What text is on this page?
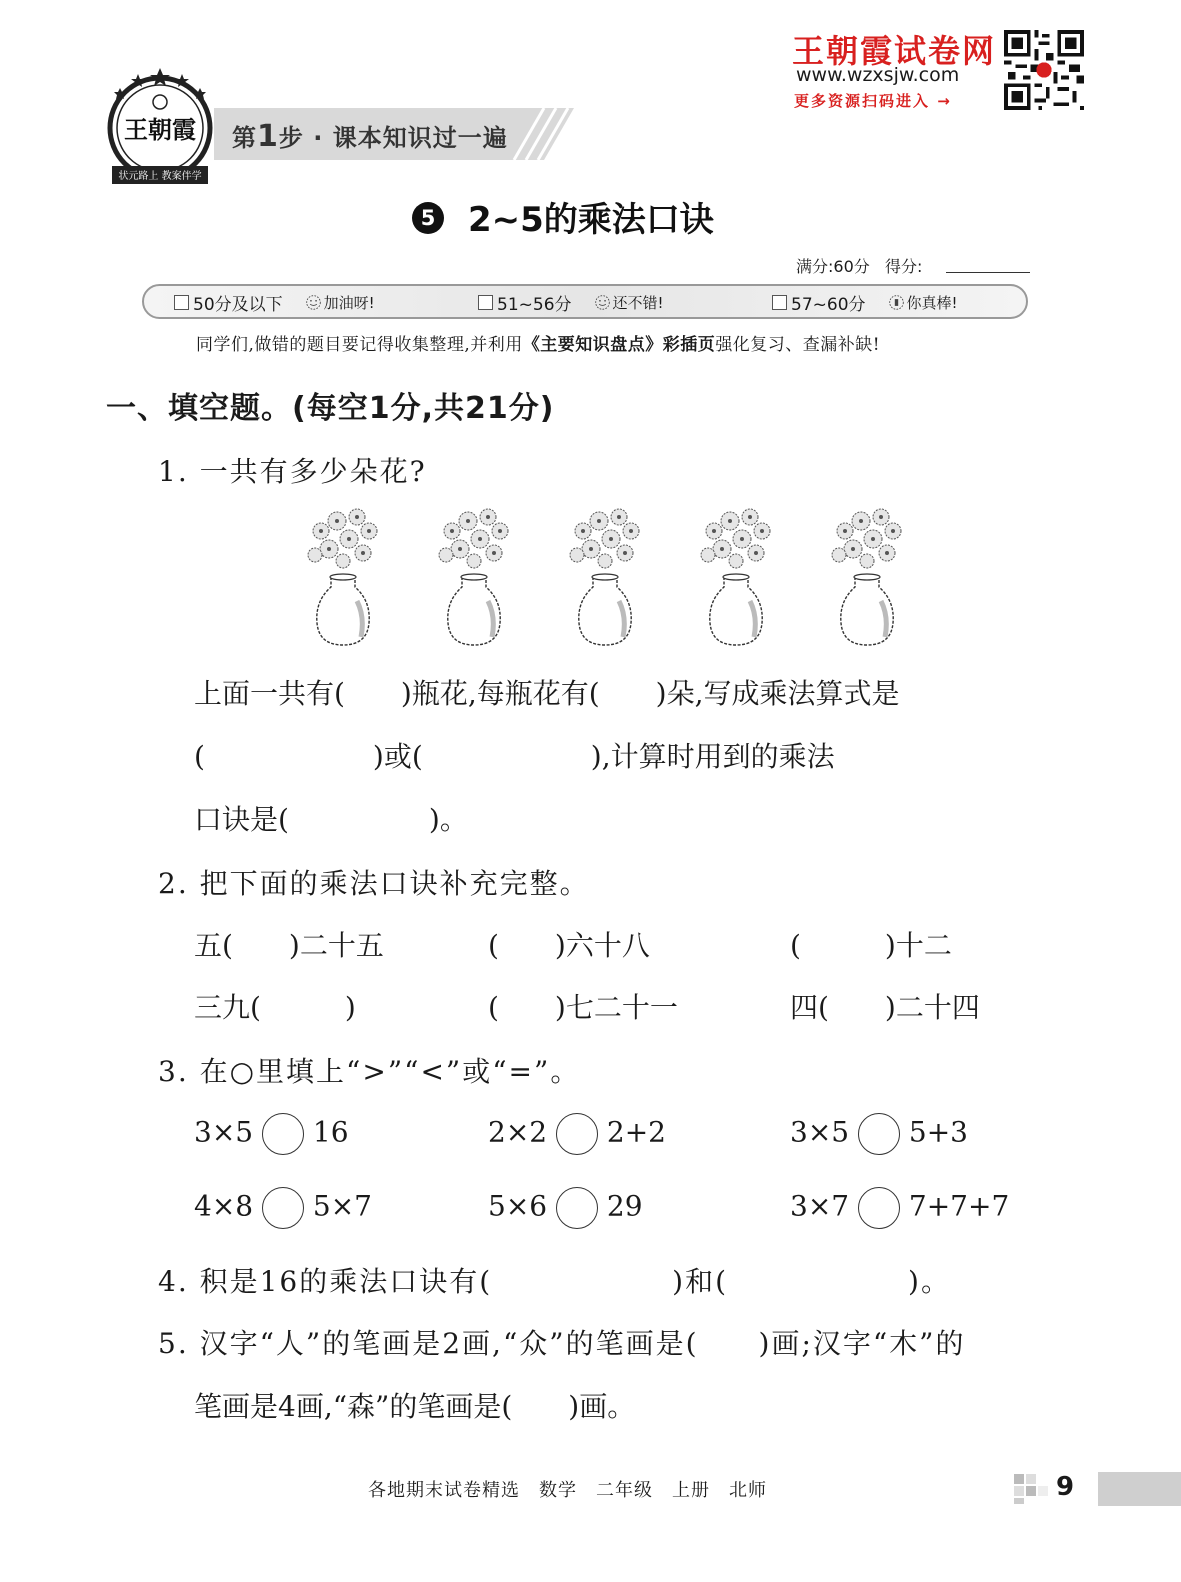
王朝霞
状元路上 教案伴学
第1步 · 课本知识过一遍
王朝霞试卷网
www.wzxsjw.com
更多资源扫码进入 →
5 2~5的乘法口诀
满分:60分 得分:
50分及以下	加油呀!	51~56分	还不错!	57~60分	你真棒!
同学们,做错的题目要记得收集整理,并利用《主要知识盘点》彩插页强化复习、查漏补缺!
一、填空题。(每空1分,共21分)
1. 一共有多少朵花?
上面一共有(　　)瓶花,每瓶花有(　　)朵,写成乘法算式是
(　　　　　　)或(　　　　　　),计算时用到的乘法
口诀是(　　　　　)。
2. 把下面的乘法口诀补充完整。
五(　　)二十五	(　　)六十八	(　　　)十二
三九(　　　)	(　　)七二十一	四(　　)二十四
3. 在○里填上“>”“<”或“=”。
3×5 16	2×2 2+2	3×5 5+3
4×8 5×7	5×6 29	3×7 7+7+7
4. 积是16的乘法口诀有(　　　　　　)和(　　　　　　)。
5. 汉字“人”的笔画是2画,“众”的笔画是(　　)画;汉字“木”的
笔画是4画,“森”的笔画是(　　)画。
各地期末试卷精选　数学　二年级　上册　北师	9
